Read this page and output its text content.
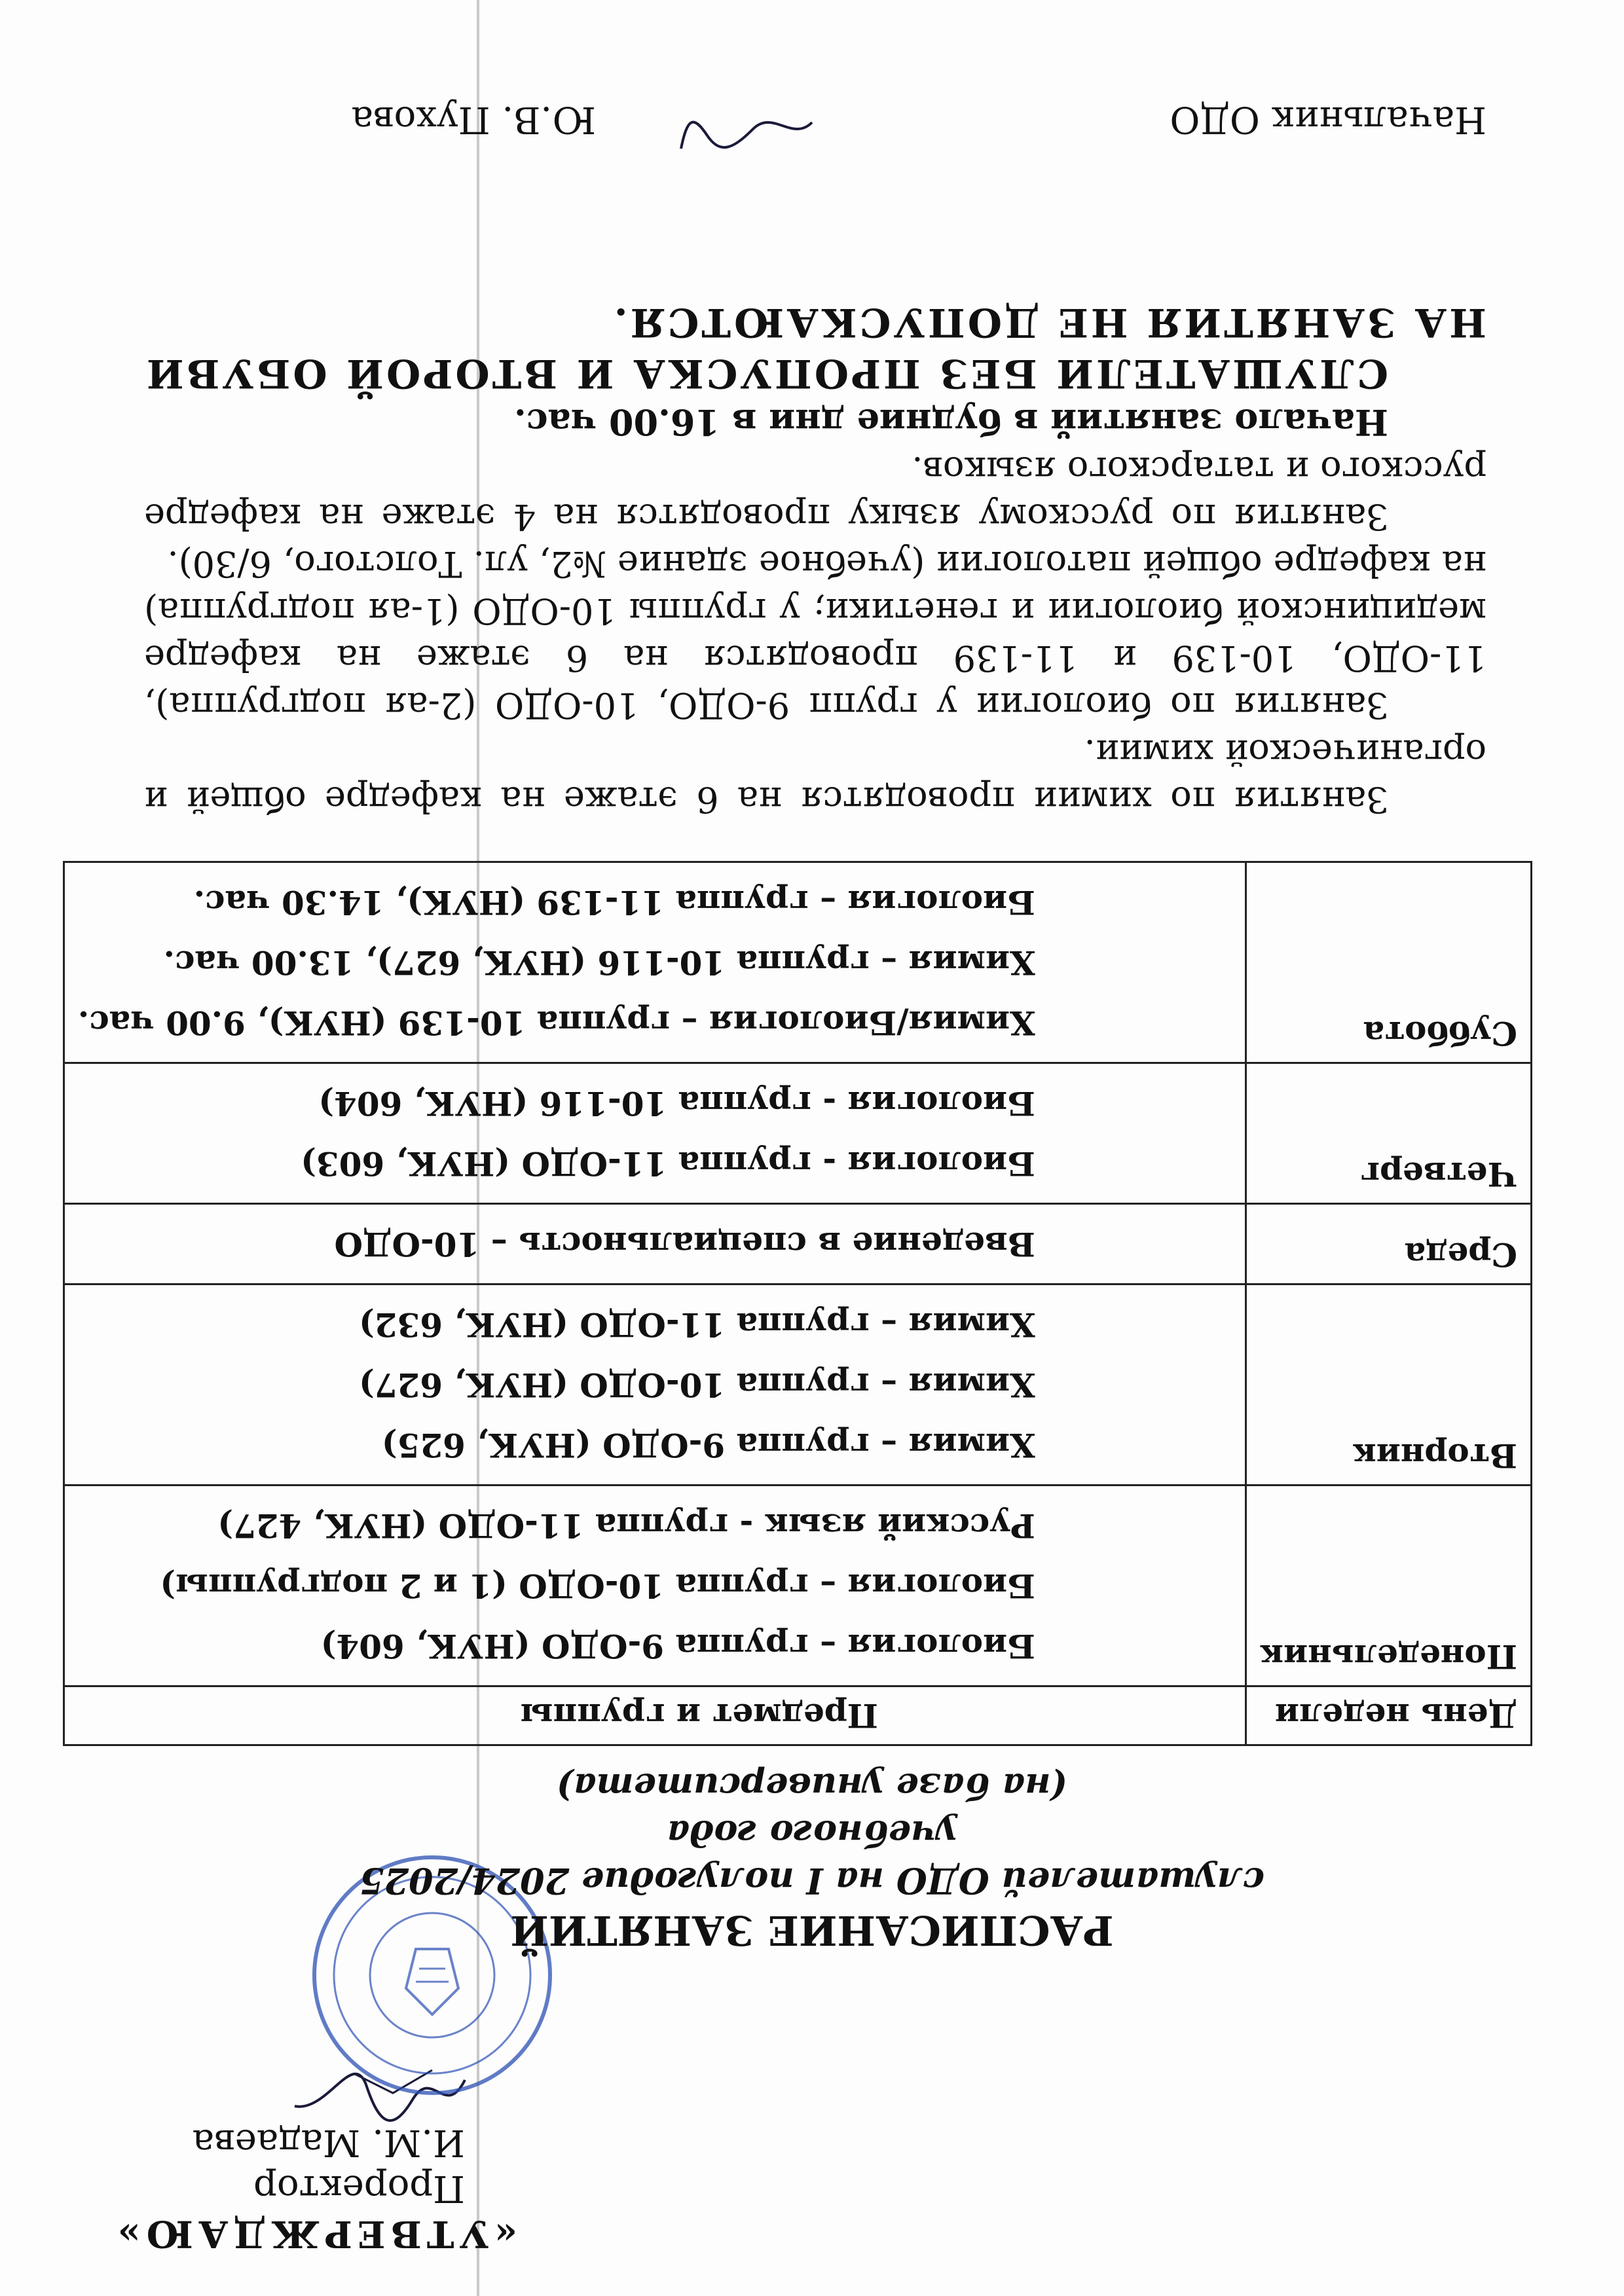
«УТВЕРЖДАЮ»
Проректор
И.М. Мадаева
РАСПИСАНИЕ ЗАНЯТИЙ
слушателей ОДО на I полугодие 2024/2025 учебного года
(на базе университета)
День недели	Предмет и группы
Понедельник	Биология – группа 9-ОДО (НУК, 604)
Биология – группа 10-ОДО (1 и 2 подгруппы)
Русский язык - группа 11-ОДО (НУК, 427)

Вторник	Химия – группа 9-ОДО (НУК, 625)
Химия – группа 10-ОДО (НУК, 627)
Химия – группа 11-ОДО (НУК, 632)

Среда	Введение в специальность – 10-ОДО

Четверг	Биология - группа 11-ОДО (НУК, 603)
Биология - группа 10-116 (НУК, 604)

Суббота	Химия/Биология – группа 10-139 (НУК), 9.00 час.
Химия – группа 10-116 (НУК, 627), 13.00 час.
Биология – группа 11-139 (НУК), 14.30 час.

Занятия по химии проводятся на 6 этаже на кафедре общей и органической химии.

Занятия по биологии у групп 9-ОДО, 10-ОДО (2-ая подгруппа), 11-ОДО, 10-139 и 11-139 проводятся на 6 этаже на кафедре медицинской биологии и генетики; у группы 10-ОДО (1-ая подгруппа) на кафедре общей патологии (учебное здание №2, ул. Толстого, 6/30).

Занятия по русскому языку проводятся на 4 этаже на кафедре русского и татарского языков.

Начало занятий в будние дни в 16.00 час.

СЛУШАТЕЛИ БЕЗ ПРОПУСКА И ВТОРОЙ ОБУВИ НА ЗАНЯТИЯ НЕ ДОПУСКАЮТСЯ.

Начальник ОДО
Ю.В. Пухова
